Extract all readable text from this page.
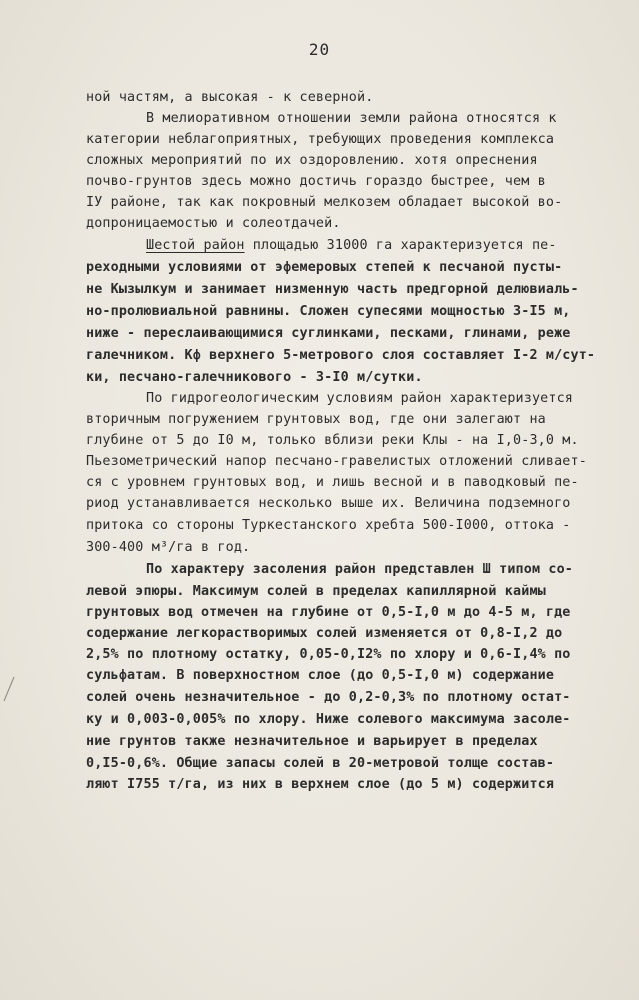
20
ной частям, а высокая - к северной.
В мелиоративном отношении земли района относятся к
категории неблагоприятных, требующих проведения комплекса
сложных мероприятий по их оздоровлению. хотя опреснения
почво-грунтов здесь можно достичь гораздо быстрее, чем в
IУ районе, так как покровный мелкозем обладает высокой во-
допроницаемостью и солеотдачей.
Шестой район площадью 31000 га характеризуется пе-
реходными условиями от эфемеровых степей к песчаной пусты-
не Кызылкум и занимает низменную часть предгорной делювиаль-
но-пролювиальной равнины. Сложен супесями мощностью 3-I5 м,
ниже - переслаивающимися суглинками, песками, глинами, реже
галечником. Кф верхнего 5-метрового слоя составляет I-2 м/сут-
ки, песчано-галечникового - 3-I0 м/сутки.
По гидрогеологическим условиям район характеризуется
вторичным погружением грунтовых вод, где они залегают на
глубине от 5 до I0 м, только вблизи реки Клы - на I,0-3,0 м.
Пьезометрический напор песчано-гравелистых отложений сливает-
ся с уровнем грунтовых вод, и лишь весной и в паводковый пе-
риод устанавливается несколько выше их. Величина подземного
притока со стороны Туркестанского хребта 500-I000, оттока -
300-400 м³/га в год.
По характеру засоления район представлен Ш типом со-
левой эпюры. Максимум солей в пределах капиллярной каймы
грунтовых вод отмечен на глубине от 0,5-I,0 м до 4-5 м, где
содержание легкорастворимых солей изменяется от 0,8-I,2 до
2,5% по плотному остатку, 0,05-0,I2% по хлору и 0,6-I,4% по
сульфатам. В поверхностном слое (до 0,5-I,0 м) содержание
солей очень незначительное - до 0,2-0,3% по плотному остат-
ку и 0,003-0,005% по хлору. Ниже солевого максимума засоле-
ние грунтов также незначительное и варьирует в пределах
0,I5-0,6%. Общие запасы солей в 20-метровой толще состав-
ляют I755 т/га, из них в верхнем слое (до 5 м) содержится
